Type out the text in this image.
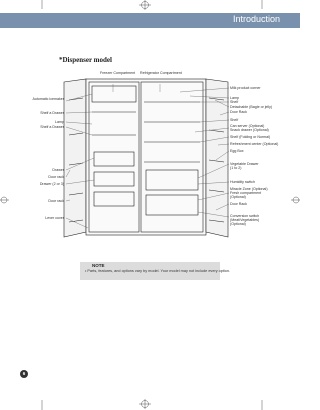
Introduction
*Dispenser model
Freezer Compartment Refrigerator Compartment
Automatic icemaker
Shelf a Drawer
Lamp
Shelf a Drawer
Drawer
Door rack
Drawer (2 or 3)
Door rack
Lever cover
Milk product corner
Lamp
Shelf
Detachable (Bagle or jelly)
Door Rack
Shelf
Can server (Optional) Snack drawer (Optional)
Shelf (Folding or Normal)
Refreshment center (Optional)
Egg Box
Vegetable Drawer (1 to 2)
Humidity switch
Miracle Zone (Optional) Fresh compartment (Optional)
Door Rack
Conversion switch (Meat/Vegetables) (Optional)
NOTE
• Parts, features, and options vary by model. Your model may not include every option.
6
